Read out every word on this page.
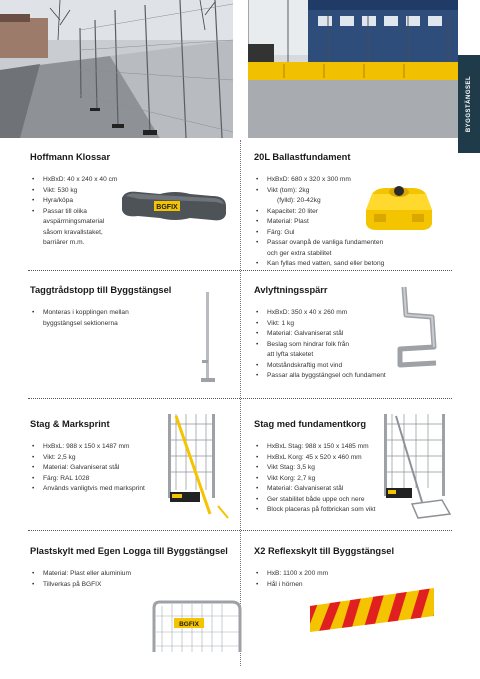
BYGGSTÄNGSEL
Hoffmann Klossar
• HxBxD: 40 x 240 x 40 cm
• Vikt: 530 kg
• Hyra/köpa
• Passar till olika
avspärrningsmaterial
såsom kravallstaket,
barriärer m.m.
20L Ballastfundament
• HxBxD: 680 x 320 x 300 mm
• Vikt (tom): 2kg
(fylld): 20-42kg
• Kapacitet: 20 liter
• Material: Plast
• Färg: Gul
• Passar ovanpå de vanliga fundamenten
och ger extra stabilitet
• Kan fyllas med vatten, sand eller betong
Taggtrådstopp till Byggstängsel
• Monteras i kopplingen mellan
byggstängsel sektionerna
Avlyftningsspärr
• HxBxD: 350 x 40 x 260 mm
• Vikt: 1 kg
• Material: Galvaniserat stål
• Beslag som hindrar folk från
att lyfta staketet
• Motståndskraftig mot vind
• Passar alla byggstängsel och fundament
Stag & Marksprint
• HxBxL: 988 x 150 x 1487 mm
• Vikt: 2,5 kg
• Material: Galvaniserat stål
• Färg: RAL 1028
• Används vanligtvis med marksprint
Stag med fundamentkorg
• HxBxL Stag: 988 x 150 x 1485 mm
• HxBxL Korg: 45 x 520 x 460 mm
• Vikt Stag: 3,5 kg
• Vikt Korg: 2,7 kg
• Material: Galvaniserat stål
• Ger stabilitet både uppe och nere
• Block placeras på fotbrickan som vikt
Plastskylt med Egen Logga till Byggstängsel
• Material: Plast eller aluminium
• Tillverkas på BGFIX
X2 Reflexskylt till Byggstängsel
• HxB: 1100 x 200 mm
• Hål i hörnen
BGFIX
BGFIX
